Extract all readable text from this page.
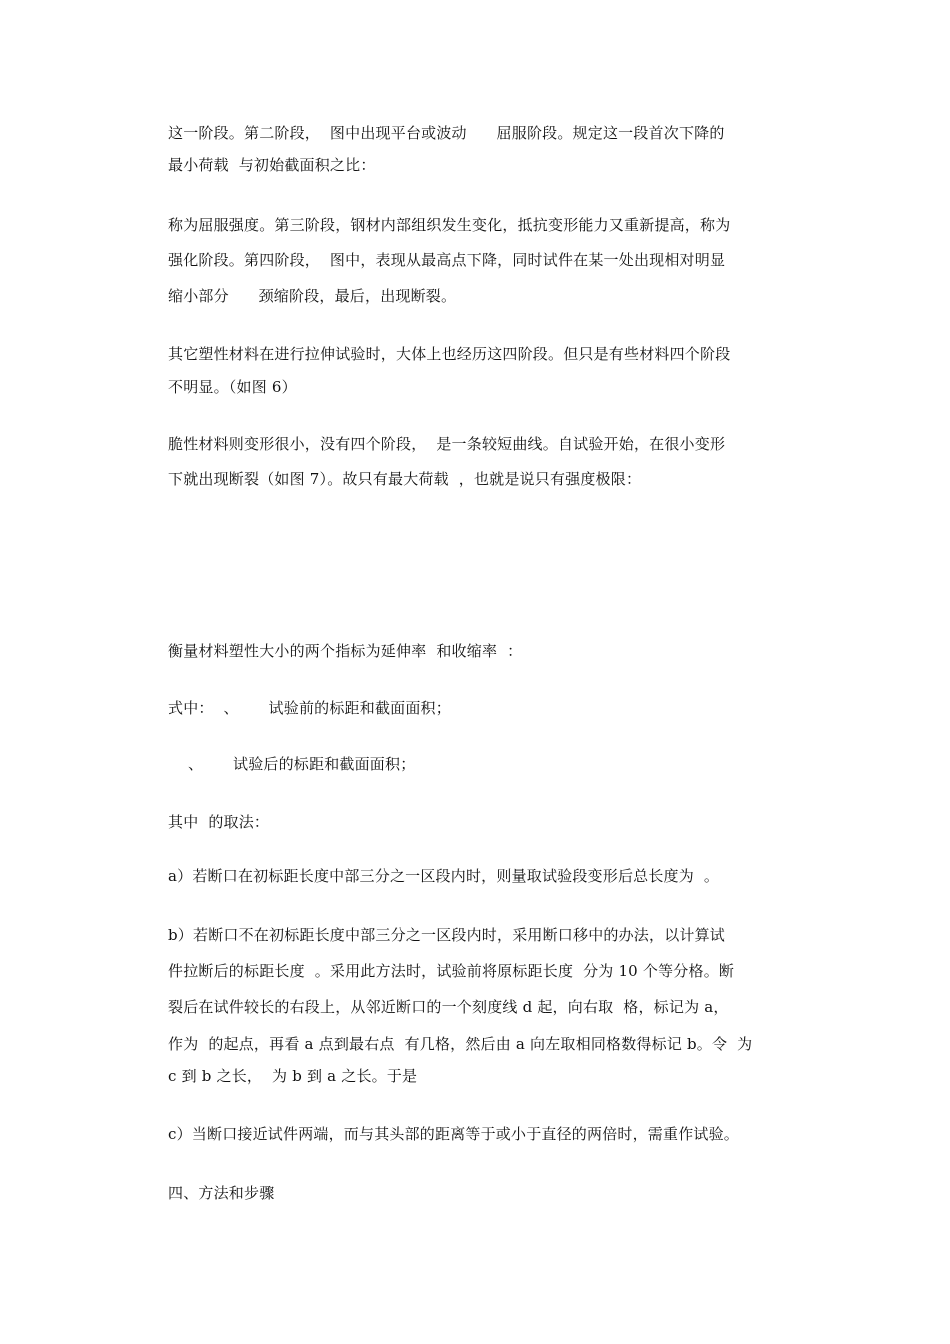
这一阶段。第二阶段，  图中出现平台或波动      屈服阶段。规定这一段首次下降的
最小荷载  与初始截面积之比：
称为屈服强度。第三阶段，钢材内部组织发生变化，抵抗变形能力又重新提高，称为
强化阶段。第四阶段，  图中，表现从最高点下降，同时试件在某一处出现相对明显
缩小部分      颈缩阶段，最后，出现断裂。
其它塑性材料在进行拉伸试验时，大体上也经历这四阶段。但只是有些材料四个阶段
不明显。（如图 6）
脆性材料则变形很小，没有四个阶段，  是一条较短曲线。自试验开始，在很小变形
下就出现断裂（如图 7）。故只有最大荷载  ，也就是说只有强度极限：
衡量材料塑性大小的两个指标为延伸率  和收缩率  ：
式中：  、      试验前的标距和截面面积；
、      试验后的标距和截面面积；
其中  的取法：
a）若断口在初标距长度中部三分之一区段内时，则量取试验段变形后总长度为  。
b）若断口不在初标距长度中部三分之一区段内时，采用断口移中的办法，以计算试
件拉断后的标距长度  。采用此方法时，试验前将原标距长度  分为 10 个等分格。断
裂后在试件较长的右段上，从邻近断口的一个刻度线 d 起，向右取  格，标记为 a，
作为  的起点，再看 a 点到最右点  有几格，然后由 a 向左取相同格数得标记 b。令  为
c 到 b 之长，  为 b 到 a 之长。于是
c）当断口接近试件两端，而与其头部的距离等于或小于直径的两倍时，需重作试验。
四、方法和步骤
